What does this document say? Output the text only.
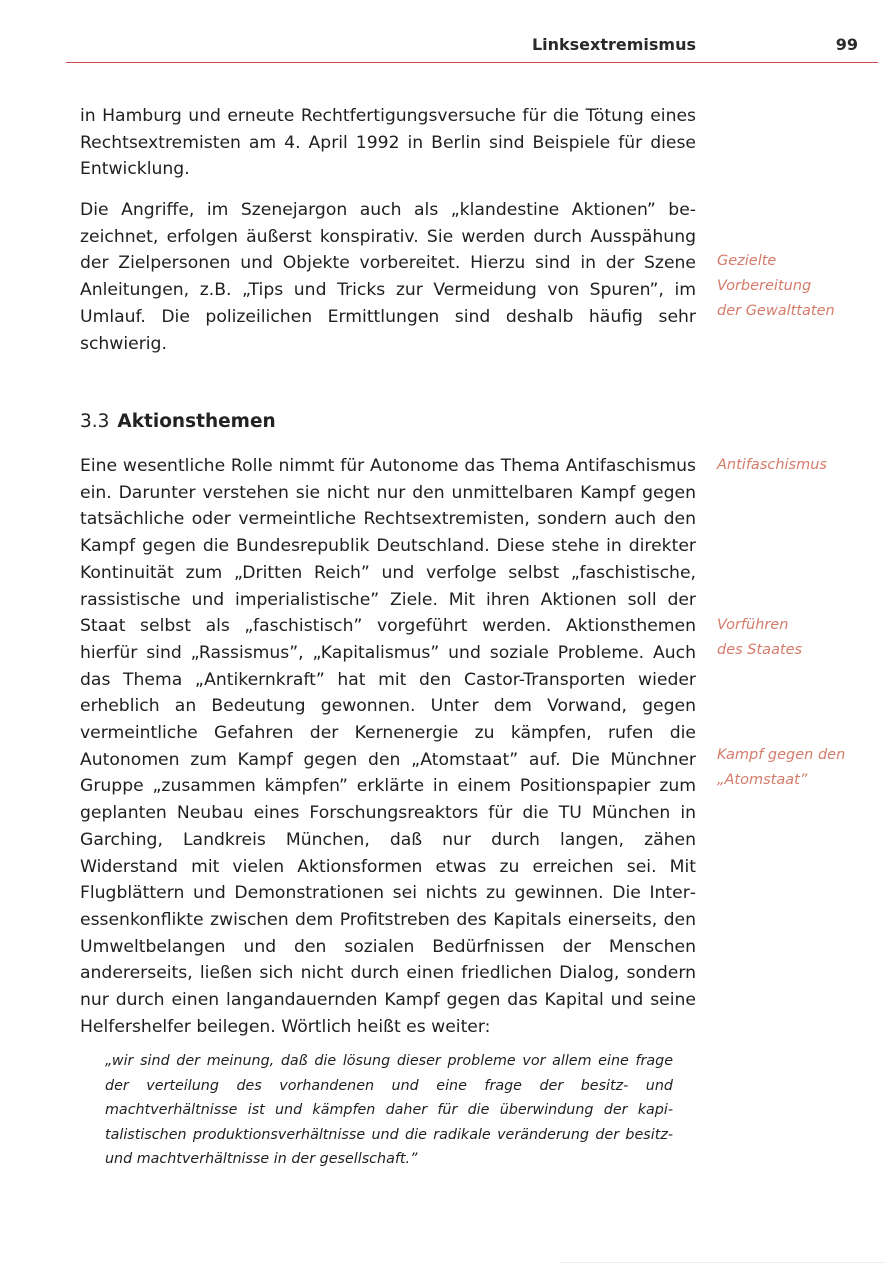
Linksextremismus	99

in Hamburg und erneute Rechtfertigungsversuche für die Tötung eines Rechtsextremisten am 4. April 1992 in Berlin sind Beispiele für diese Entwicklung.

Die Angriffe, im Szenejargon auch als „klandestine Aktionen” bezeichnet, erfolgen äußerst konspirativ. Sie werden durch Ausspähung der Zielpersonen und Objekte vorbereitet. Hierzu sind in der Szene Anleitungen, z.B. „Tips und Tricks zur Vermeidung von Spuren”, im Umlauf. Die polizeilichen Ermittlungen sind deshalb häufig sehr schwierig.

Gezielte Vorbereitung der Gewalttaten

3.3 Aktionsthemen

Eine wesentliche Rolle nimmt für Autonome das Thema Antifaschismus ein. Darunter verstehen sie nicht nur den unmittelbaren Kampf gegen tatsächliche oder vermeintliche Rechtsextremisten, sondern auch den Kampf gegen die Bundesrepublik Deutschland. Diese stehe in direkter Kontinuität zum „Dritten Reich” und verfolge selbst „faschistische, rassistische und imperialistische” Ziele. Mit ihren Aktionen soll der Staat selbst als „faschistisch” vorgeführt werden. Aktionsthemen hierfür sind „Rassismus”, „Kapitalismus” und soziale Probleme. Auch das Thema „Antikernkraft” hat mit den Castor-Transporten wieder erheblich an Bedeutung gewonnen. Unter dem Vorwand, gegen vermeintliche Gefahren der Kernenergie zu kämpfen, rufen die Autonomen zum Kampf gegen den „Atomstaat” auf. Die Münchner Gruppe „zusammen kämpfen” erklärte in einem Positionspapier zum geplanten Neubau eines Forschungsreaktors für die TU München in Garching, Landkreis München, daß nur durch langen, zähen Widerstand mit vielen Aktionsformen etwas zu erreichen sei. Mit Flugblättern und Demonstrationen sei nichts zu gewinnen. Die Interessenkonflikte zwischen dem Profitstreben des Kapitals einerseits, den Umweltbelangen und den sozialen Bedürfnissen der Menschen andererseits, ließen sich nicht durch einen friedlichen Dialog, sondern nur durch einen langandauernden Kampf gegen das Kapital und seine Helfershelfer beilegen. Wörtlich heißt es weiter:

Antifaschismus

Vorführen des Staates

Kampf gegen den „Atomstaat”

„wir sind der meinung, daß die lösung dieser probleme vor allem eine frage der verteilung des vorhandenen und eine frage der besitz- und machtverhältnisse ist und kämpfen daher für die überwindung der kapitalistischen produktionsverhältnisse und die radikale veränderung der besitz- und machtverhältnisse in der gesellschaft.”
